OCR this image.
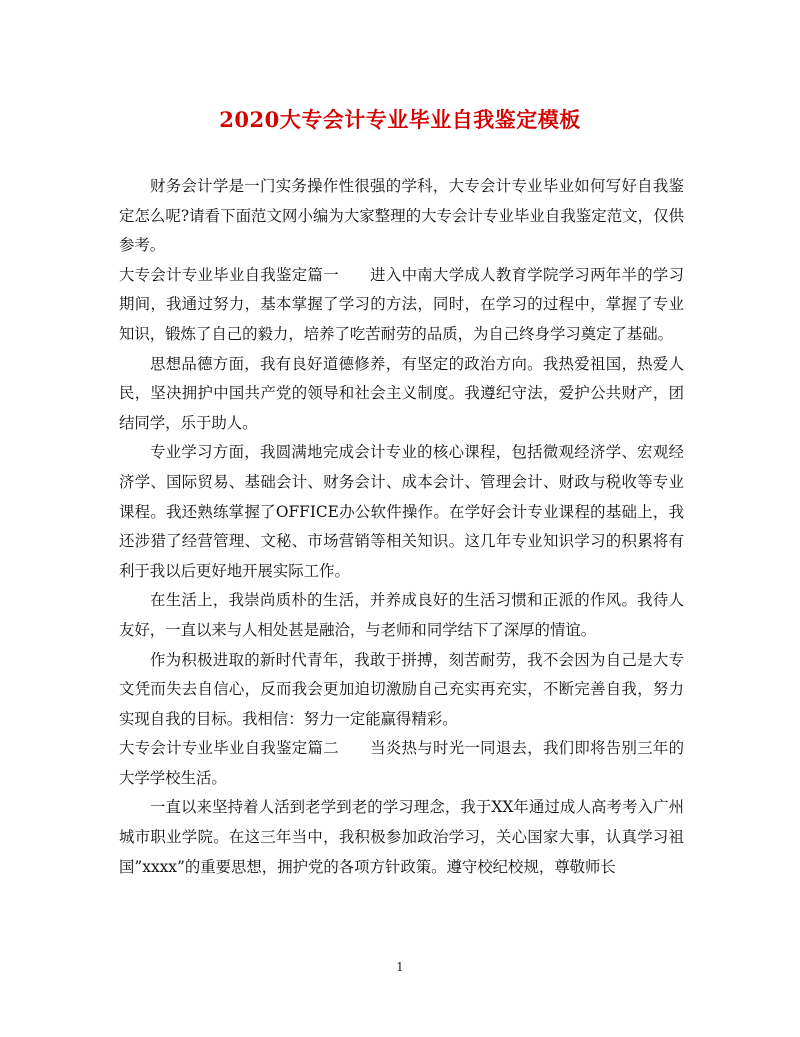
2020大专会计专业毕业自我鉴定模板

财务会计学是一门实务操作性很强的学科，大专会计专业毕业如何写好自我鉴定怎么呢?请看下面范文网小编为大家整理的大专会计专业毕业自我鉴定范文，仅供参考。

大专会计专业毕业自我鉴定篇一      进入中南大学成人教育学院学习两年半的学习期间，我通过努力，基本掌握了学习的方法，同时，在学习的过程中，掌握了专业知识，锻炼了自己的毅力，培养了吃苦耐劳的品质，为自己终身学习奠定了基础。

思想品德方面，我有良好道德修养，有坚定的政治方向。我热爱祖国，热爱人民，坚决拥护中国共产党的领导和社会主义制度。我遵纪守法，爱护公共财产，团结同学，乐于助人。

专业学习方面，我圆满地完成会计专业的核心课程，包括微观经济学、宏观经济学、国际贸易、基础会计、财务会计、成本会计、管理会计、财政与税收等专业课程。我还熟练掌握了OFFICE办公软件操作。在学好会计专业课程的基础上，我还涉猎了经营管理、文秘、市场营销等相关知识。这几年专业知识学习的积累将有利于我以后更好地开展实际工作。

在生活上，我崇尚质朴的生活，并养成良好的生活习惯和正派的作风。我待人友好，一直以来与人相处甚是融洽，与老师和同学结下了深厚的情谊。

作为积极进取的新时代青年，我敢于拼搏，刻苦耐劳，我不会因为自己是大专文凭而失去自信心，反而我会更加迫切激励自己充实再充实，不断完善自我，努力实现自我的目标。我相信：努力一定能赢得精彩。

大专会计专业毕业自我鉴定篇二      当炎热与时光一同退去，我们即将告别三年的大学学校生活。

一直以来坚持着人活到老学到老的学习理念，我于XX年通过成人高考考入广州城市职业学院。在这三年当中，我积极参加政治学习，关心国家大事，认真学习祖国”xxxx”的重要思想，拥护党的各项方针政策。遵守校纪校规，尊敬师长

1
